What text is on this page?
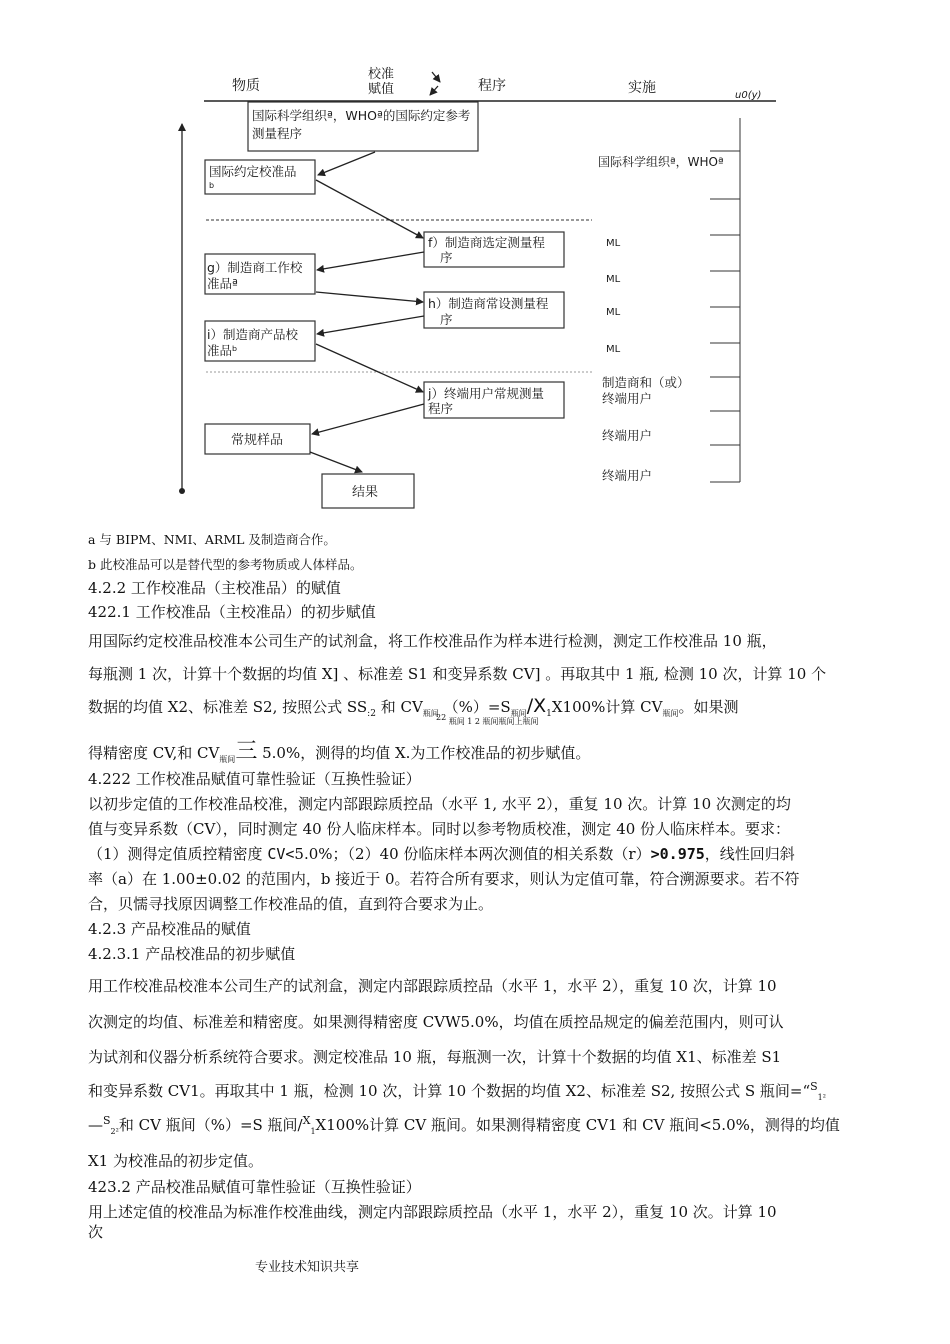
物质
校准
赋值	程序	实施	u0(y)
国际科学组织ª，WHOª的国际约定参考
测量程序
国际约定校准品
b
f）制造商选定测量程
序
g）制造商工作校
准品ª
h）制造商常设测量程
序
i）制造商产品校
准品ᵇ
j）终端用户常规测量
程序
常规样品
结果
国际科学组织ª，WHOª
ML
ML
ML
ML
制造商和（或）
终端用户
终端用户
终端用户
a 与 BIPM、NMI、ARML 及制造商合作。
b 此校准品可以是替代型的参考物质或人体样品。
4.2.2 工作校准品（主校准品）的赋值
422.1 工作校准品（主校准品）的初步赋值
用国际约定校准品校准本公司生产的试剂盒，将工作校准品作为样本进行检测，测定工作校准品 10 瓶，
每瓶测 1 次，计算十个数据的均值 X] 、标准差 S1 和变异系数 CV] 。再取其中 1 瓶, 检测 10 次，计算 10 个
数据的均值 X2、标准差 S2, 按照公式 $SS_{:2}$ 和 $CV_{瓶间}$ $(\%)=S_{瓶间}/X_1X100\%$计算 $CV_{瓶间}$。如果测
22 瓶间 1 2 瓶间瓶间上瓶间
得精密度 CV,和 $CV_{瓶间}$三 5.0%，测得的均值 X.为工作校准品的初步赋值。
4.222 工作校准品赋值可靠性验证（互换性验证）
以初步定值的工作校准品校准，测定内部跟踪质控品（水平 1, 水平 2），重复 10 次。计算 10 次测定的均
值与变异系数（CV），同时测定 40 份人临床样本。同时以参考物质校准，测定 40 份人临床样本。要求：
（1）测得定值质控精密度 CV<5.0%；（2）40 份临床样本两次测值的相关系数（r）>0.975，线性回归斜
率（a）在 1.00±0.02 的范围内，b 接近于 0。若符合所有要求，则认为定值可靠，符合溯源要求。若不符
合，贝懦寻找原因调整工作校准品的值，直到符合要求为止。
4.2.3 产品校准品的赋值
4.2.3.1 产品校准品的初步赋值
用工作校准品校准本公司生产的试剂盒，测定内部跟踪质控品（水平 1，水平 2），重复 10 次，计算 10
次测定的均值、标准差和精密度。如果测得精密度 CVW5.0%，均值在质控品规定的偏差范围内，则可认
为试剂和仪器分析系统符合要求。测定校准品 10 瓶，每瓶测一次，计算十个数据的均值 X1、标准差 S1
和变异系数 CV1。再取其中 1 瓶，检测 10 次，计算 10 个数据的均值 X2、标准差 S2, 按照公式 S 瓶间=“$^S_{1^2}$
—$^S_{2^2}$和 CV 瓶间（%）=S 瓶间/$^X_1$X100%计算 CV 瓶间。如果测得精密度 CV1 和 CV 瓶间<5.0%，测得的均值
X1 为校准品的初步定值。
423.2 产品校准品赋值可靠性验证（互换性验证）
用上述定值的校准品为标准作校准曲线，测定内部跟踪质控品（水平 1，水平 2），重复 10 次。计算 10
次
专业技术知识共享
